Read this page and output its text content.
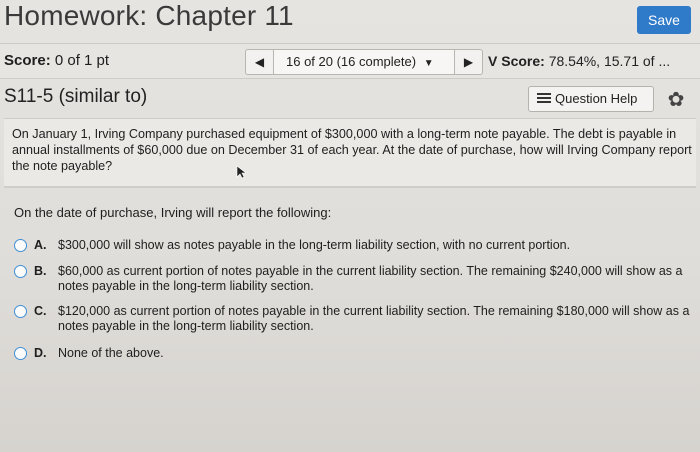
Homework: Chapter 11	Save
Score: 0 of 1 pt	◀	16 of 20 (16 complete) ▼	▶	V Score: 78.54%, 15.71 of ...
S11-5 (similar to)	Question Help	✿
On January 1, Irving Company purchased equipment of $300,000 with a long-term note payable. The debt is payable in annual installments of $60,000 due on December 31 of each year. At the date of purchase, how will Irving Company report the note payable?
On the date of purchase, Irving will report the following:
A. $300,000 will show as notes payable in the long-term liability section, with no current portion.
B. $60,000 as current portion of notes payable in the current liability section. The remaining $240,000 will show as a notes payable in the long-term liability section.
C. $120,000 as current portion of notes payable in the current liability section. The remaining $180,000 will show as a notes payable in the long-term liability section.
D. None of the above.
